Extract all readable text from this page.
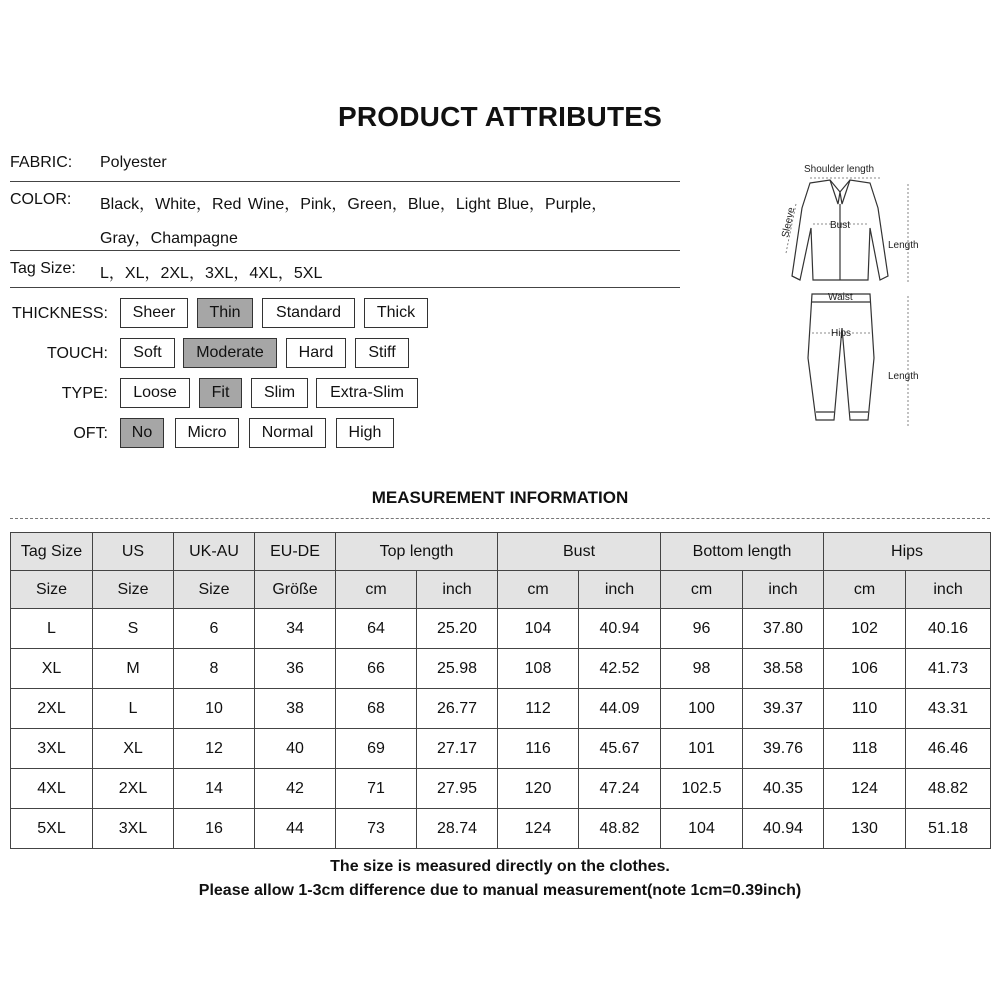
PRODUCT ATTRIBUTES
FABRIC: Polyester
COLOR: Black，White，Red Wine，Pink，Green，Blue，Light Blue，Purple，
Gray，Champagne
Tag Size: L，XL，2XL，3XL，4XL，5XL
THICKNESS:	Sheer	Thin	Standard	Thick
TOUCH:	Soft	Moderate	Hard	Stiff
TYPE:	Loose	Fit	Slim	Extra-Slim
OFT:	No	Micro	Normal	High
Shoulder length
Sleeve	Bust
Length
Waist
Hips
Length
MEASUREMENT INFORMATION
Tag Size	US	UK-AU	EU-DE	Top length		Bust		Bottom length		Hips	
Size	Size	Size	Größe	cm	inch	cm	inch	cm	inch	cm	inch
L	S	6	34	64	25.20	104	40.94	96	37.80	102	40.16
XL	M	8	36	66	25.98	108	42.52	98	38.58	106	41.73
2XL	L	10	38	68	26.77	112	44.09	100	39.37	110	43.31
3XL	XL	12	40	69	27.17	116	45.67	101	39.76	118	46.46
4XL	2XL	14	42	71	27.95	120	47.24	102.5	40.35	124	48.82
5XL	3XL	16	44	73	28.74	124	48.82	104	40.94	130	51.18
The size is measured directly on the clothes.
Please allow 1-3cm difference due to manual measurement(note 1cm=0.39inch)
